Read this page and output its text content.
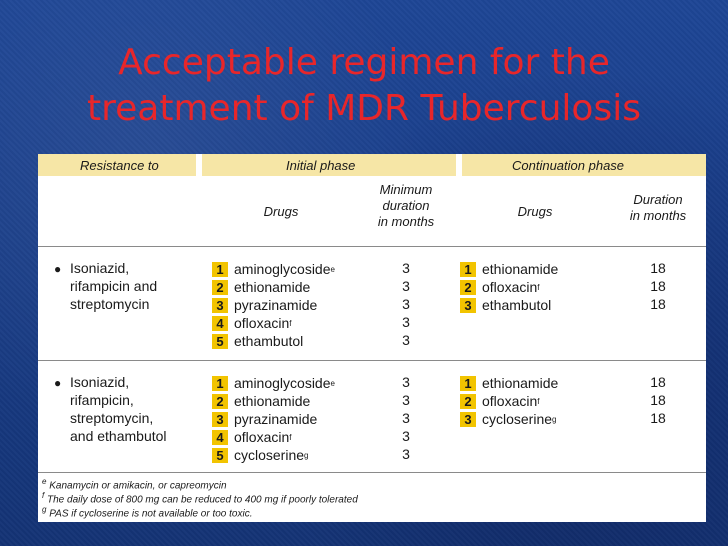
Acceptable regimen for the
treatment of MDR Tuberculosis
Resistance to	Initial phase	Continuation phase
Drugs
Minimum
duration
in months
Drugs
Duration
in months
● Isoniazid,
rifampicin and
streptomycin
1 aminoglycoside e
2 ethionamide
3 pyrazinamide
4 ofloxacin f
5 ethambutol
3
3
3
3
3
1 ethionamide
2 ofloxacin f
3 ethambutol
18
18
18
● Isoniazid,
rifampicin,
streptomycin,
and ethambutol
1 aminoglycoside e
2 ethionamide
3 pyrazinamide
4 ofloxacin f
5 cycloserine g
3
3
3
3
3
1 ethionamide
2 ofloxacin f
3 cycloserine g
18
18
18
$^e$ Kanamycin or amikacin, or capreomycin
$^f$ The daily dose of 800 mg can be reduced to 400 mg if poorly tolerated
$^g$ PAS if cycloserine is not available or too toxic.
